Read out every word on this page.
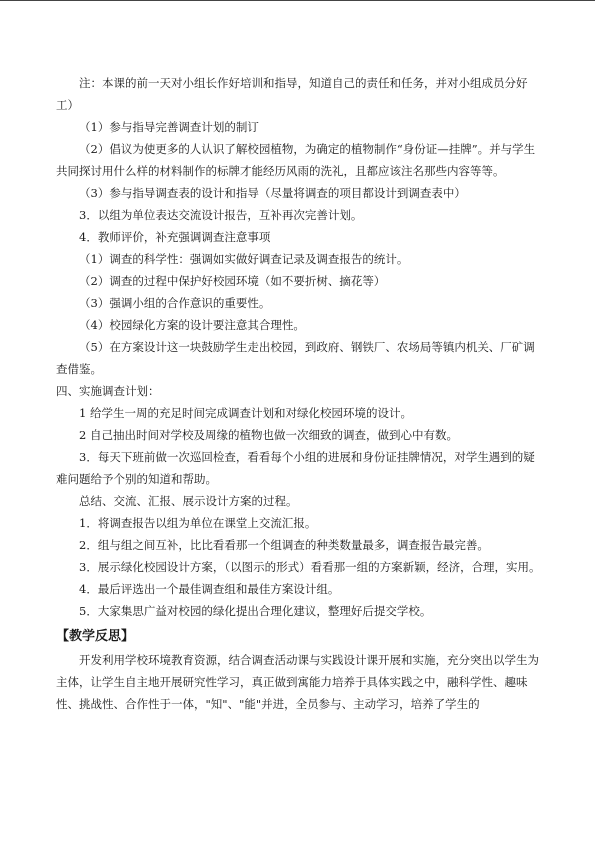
注：本课的前一天对小组长作好培训和指导，知道自己的责任和任务，并对小组成员分好工）

（1）参与指导完善调查计划的制订

（2）倡议为使更多的人认识了解校园植物，为确定的植物制作“身份证—挂牌”。并与学生共同探讨用什么样的材料制作的标牌才能经历风雨的洗礼，且都应该注名那些内容等等。

（3）参与指导调查表的设计和指导（尽量将调查的项目都设计到调查表中）

3．以组为单位表达交流设计报告，互补再次完善计划。

4．教师评价，补充强调调查注意事项

（1）调查的科学性：强调如实做好调查记录及调查报告的统计。

（2）调查的过程中保护好校园环境（如不要折树、摘花等）

（3）强调小组的合作意识的重要性。

（4）校园绿化方案的设计要注意其合理性。

（5）在方案设计这一块鼓励学生走出校园，到政府、钢铁厂、农场局等镇内机关、厂矿调查借鉴。

四、实施调查计划：

1 给学生一周的充足时间完成调查计划和对绿化校园环境的设计。

2 自己抽出时间对学校及周缘的植物也做一次细致的调查，做到心中有数。

3．每天下班前做一次巡回检查，看看每个小组的进展和身份证挂牌情况，对学生遇到的疑难问题给予个别的知道和帮助。

总结、交流、汇报、展示设计方案的过程。

1．将调查报告以组为单位在课堂上交流汇报。

2．组与组之间互补，比比看看那一个组调查的种类数量最多，调查报告最完善。

3．展示绿化校园设计方案，（以图示的形式）看看那一组的方案新颖，经济，合理，实用。

4．最后评选出一个最佳调查组和最佳方案设计组。

5．大家集思广益对校园的绿化提出合理化建议，整理好后提交学校。

【教学反思】

开发利用学校环境教育资源，结合调查活动课与实践设计课开展和实施，充分突出以学生为主体，让学生自主地开展研究性学习，真正做到寓能力培养于具体实践之中，融科学性、趣味性、挑战性、合作性于一体，"知"、"能"并进，全员参与、主动学习，培养了学生的
